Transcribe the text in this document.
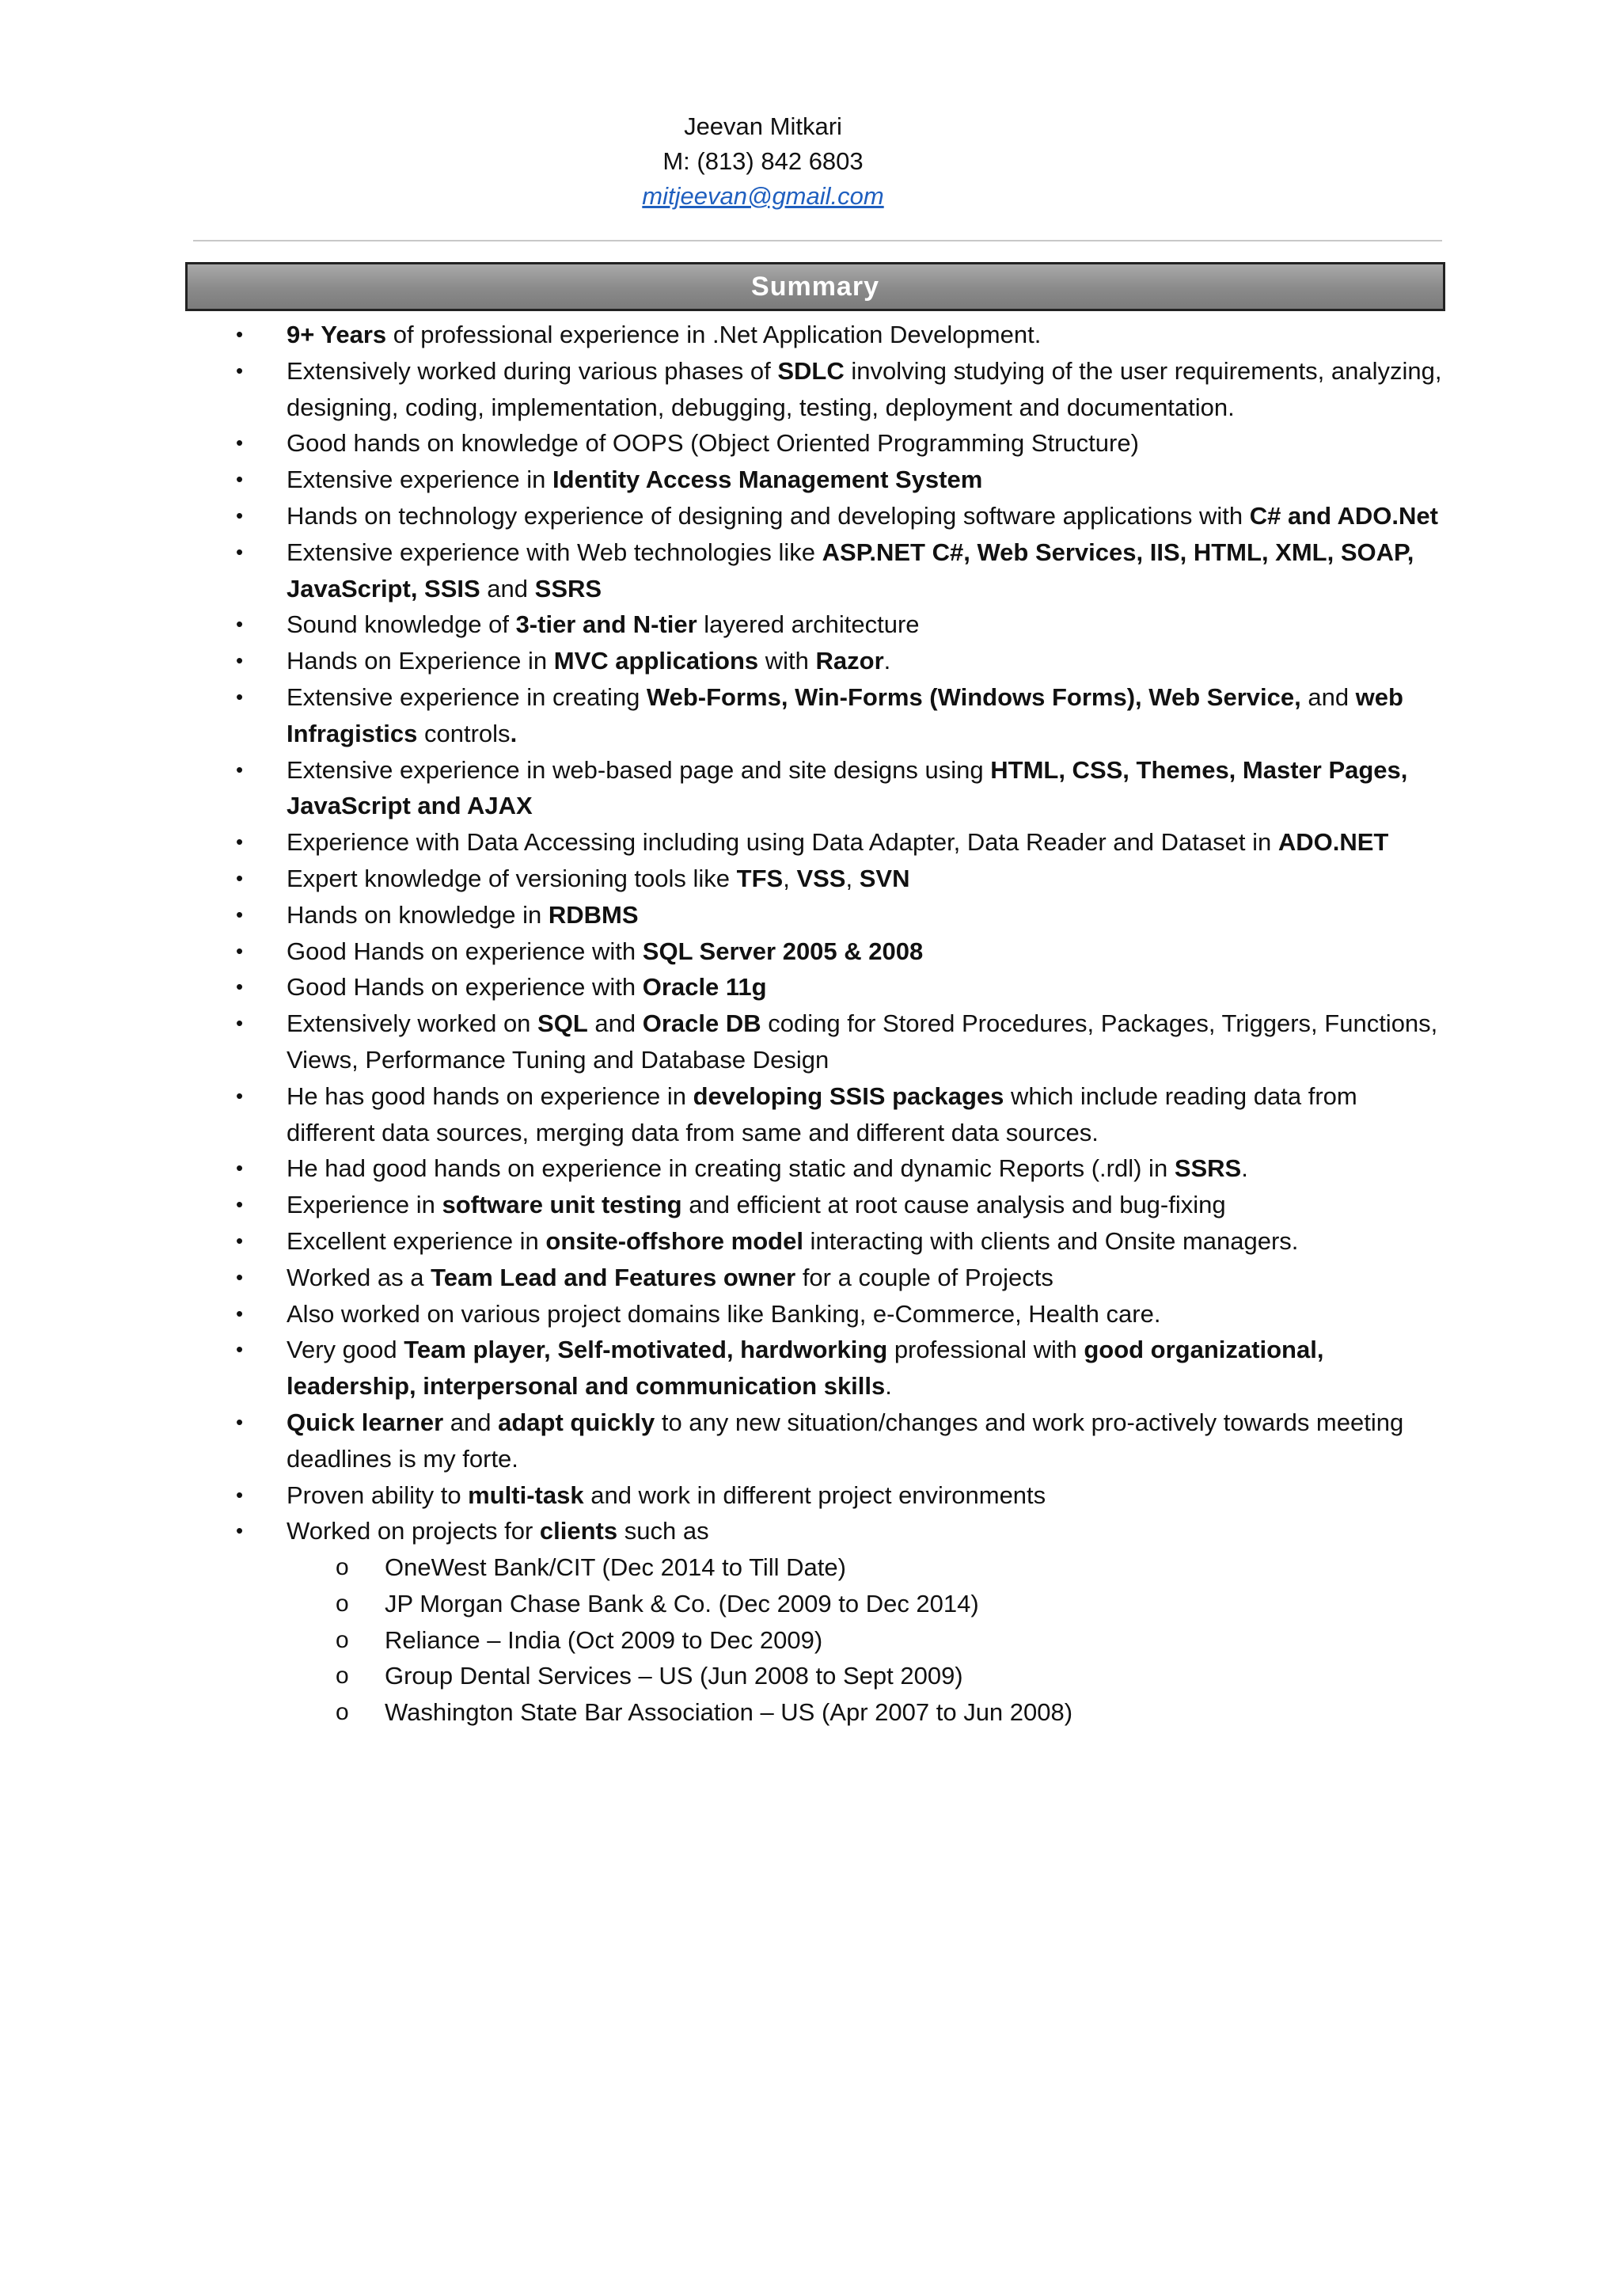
Jeevan Mitkari
M: (813) 842 6803
mitjeevan@gmail.com
Summary
•	9+ Years of professional experience in .Net Application Development.
•	Extensively worked during various phases of SDLC involving studying of the user requirements, analyzing, designing, coding, implementation, debugging, testing, deployment and documentation.
•	Good hands on knowledge of OOPS (Object Oriented Programming Structure)
•	Extensive experience in Identity Access Management System
•	Hands on technology experience of designing and developing software applications with C# and ADO.Net
•	Extensive experience with Web technologies like ASP.NET C#, Web Services, IIS, HTML, XML, SOAP, JavaScript, SSIS and SSRS
•	Sound knowledge of 3-tier and N-tier layered architecture
•	Hands on Experience in MVC applications with Razor.
•	Extensive experience in creating Web-Forms, Win-Forms (Windows Forms), Web Service, and web Infragistics controls.
•	Extensive experience in web-based page and site designs using HTML, CSS, Themes, Master Pages, JavaScript and AJAX
•	Experience with Data Accessing including using Data Adapter, Data Reader and Dataset in ADO.NET
•	Expert knowledge of versioning tools like TFS, VSS, SVN
•	Hands on knowledge in RDBMS
•	Good Hands on experience with SQL Server 2005 & 2008
•	Good Hands on experience with Oracle 11g
•	Extensively worked on SQL and Oracle DB coding for Stored Procedures, Packages, Triggers, Functions, Views, Performance Tuning and Database Design
•	He has good hands on experience in developing SSIS packages which include reading data from different data sources, merging data from same and different data sources.
•	He had good hands on experience in creating static and dynamic Reports (.rdl) in SSRS.
•	Experience in software unit testing and efficient at root cause analysis and bug-fixing
•	Excellent experience in onsite-offshore model interacting with clients and Onsite managers.
•	Worked as a Team Lead and Features owner for a couple of Projects
•	Also worked on various project domains like Banking, e-Commerce, Health care.
•	Very good Team player, Self-motivated, hardworking professional with good organizational, leadership, interpersonal and communication skills.
•	Quick learner and adapt quickly to any new situation/changes and work pro-actively towards meeting deadlines is my forte.
•	Proven ability to multi-task and work in different project environments
•	Worked on projects for clients such as
o OneWest Bank/CIT (Dec 2014 to Till Date)
o JP Morgan Chase Bank & Co. (Dec 2009 to Dec 2014)
o Reliance – India (Oct 2009 to Dec 2009)
o Group Dental Services – US (Jun 2008 to Sept 2009)
o Washington State Bar Association – US (Apr 2007 to Jun 2008)
